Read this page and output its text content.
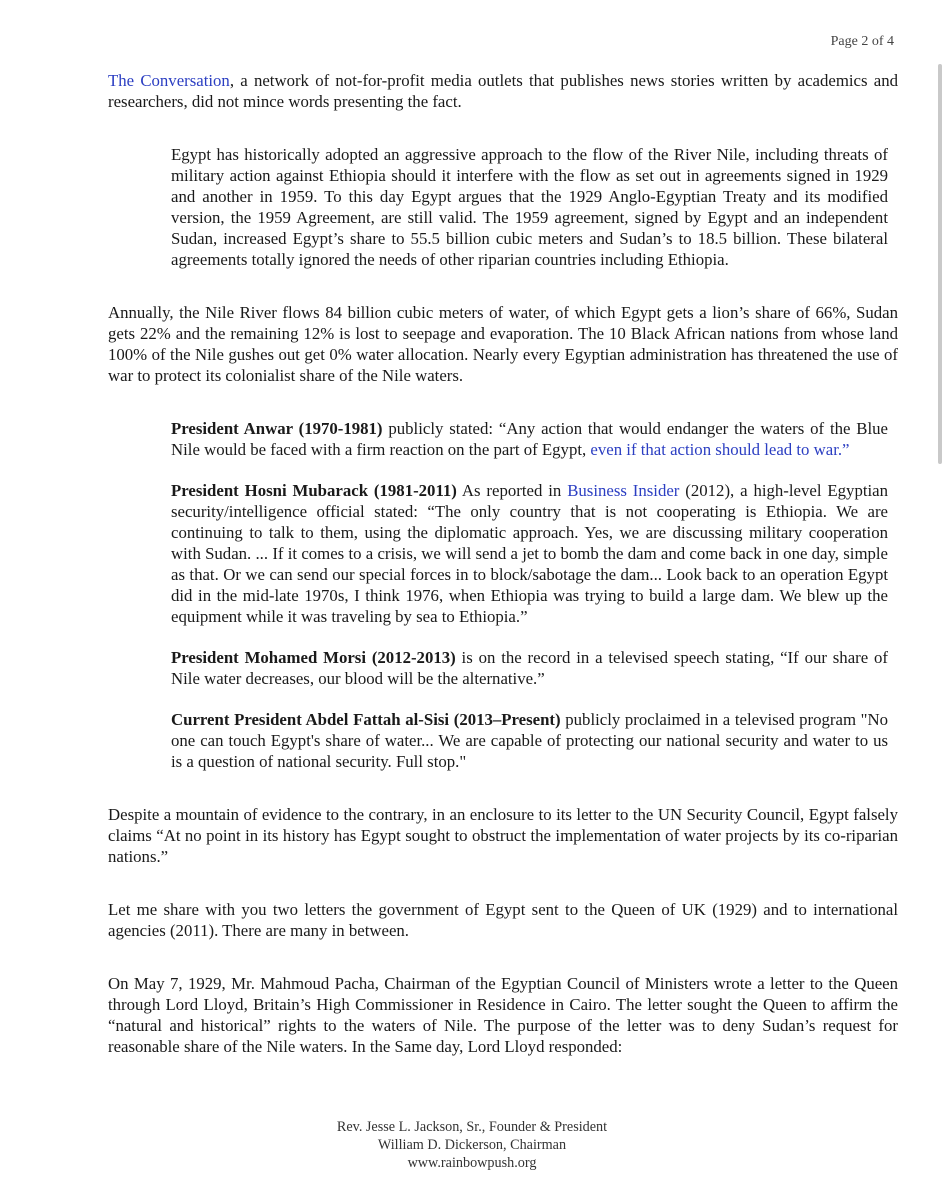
Page 2 of 4

The Conversation, a network of not-for-profit media outlets that publishes news stories written by academics and researchers, did not mince words presenting the fact.

Egypt has historically adopted an aggressive approach to the flow of the River Nile, including threats of military action against Ethiopia should it interfere with the flow as set out in agreements signed in 1929 and another in 1959. To this day Egypt argues that the 1929 Anglo-Egyptian Treaty and its modified version, the 1959 Agreement, are still valid. The 1959 agreement, signed by Egypt and an independent Sudan, increased Egypt’s share to 55.5 billion cubic meters and Sudan’s to 18.5 billion. These bilateral agreements totally ignored the needs of other riparian countries including Ethiopia.

Annually, the Nile River flows 84 billion cubic meters of water, of which Egypt gets a lion’s share of 66%, Sudan gets 22% and the remaining 12% is lost to seepage and evaporation. The 10 Black African nations from whose land 100% of the Nile gushes out get 0% water allocation. Nearly every Egyptian administration has threatened the use of war to protect its colonialist share of the Nile waters.

President Anwar (1970-1981) publicly stated: “Any action that would endanger the waters of the Blue Nile would be faced with a firm reaction on the part of Egypt, even if that action should lead to war.”

President Hosni Mubarack (1981-2011) As reported in Business Insider (2012), a high-level Egyptian security/intelligence official stated: “The only country that is not cooperating is Ethiopia. We are continuing to talk to them, using the diplomatic approach. Yes, we are discussing military cooperation with Sudan. ... If it comes to a crisis, we will send a jet to bomb the dam and come back in one day, simple as that. Or we can send our special forces in to block/sabotage the dam... Look back to an operation Egypt did in the mid-late 1970s, I think 1976, when Ethiopia was trying to build a large dam. We blew up the equipment while it was traveling by sea to Ethiopia.”

President Mohamed Morsi (2012-2013) is on the record in a televised speech stating, “If our share of Nile water decreases, our blood will be the alternative.”

Current President Abdel Fattah al-Sisi (2013–Present) publicly proclaimed in a televised program "No one can touch Egypt's share of water... We are capable of protecting our national security and water to us is a question of national security. Full stop."

Despite a mountain of evidence to the contrary, in an enclosure to its letter to the UN Security Council, Egypt falsely claims “At no point in its history has Egypt sought to obstruct the implementation of water projects by its co-riparian nations.”

Let me share with you two letters the government of Egypt sent to the Queen of UK (1929) and to international agencies (2011). There are many in between.

On May 7, 1929, Mr. Mahmoud Pacha, Chairman of the Egyptian Council of Ministers wrote a letter to the Queen through Lord Lloyd, Britain’s High Commissioner in Residence in Cairo. The letter sought the Queen to affirm the “natural and historical” rights to the waters of Nile. The purpose of the letter was to deny Sudan’s request for reasonable share of the Nile waters. In the Same day, Lord Lloyd responded:

Rev. Jesse L. Jackson, Sr., Founder & President
William D. Dickerson, Chairman
www.rainbowpush.org
